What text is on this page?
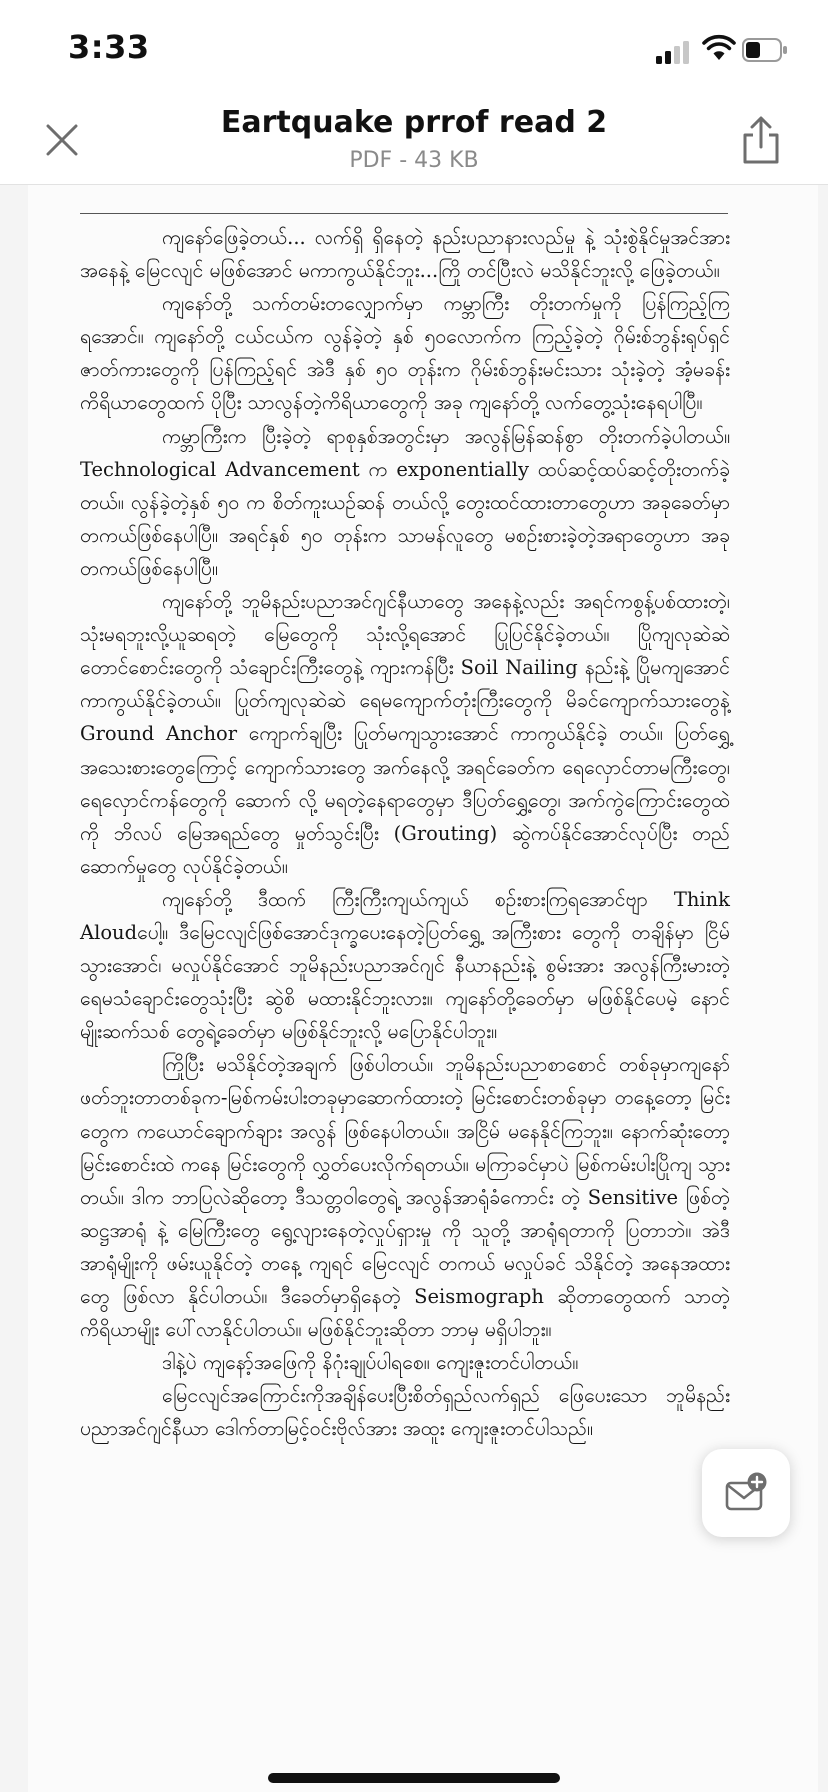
3:33
Eartquake prrof read 2
PDF - 43 KB

ကျနော်ဖြေခဲ့တယ်... လက်ရှိ ရှိနေတဲ့ နည်းပညာနားလည်မှု နဲ့ သုံးစွဲနိုင်မှုအင်အားအနေနဲ့ မြေငလျင် မဖြစ်အောင် မကာကွယ်နိုင်ဘူး...ကြို တင်ပြီးလဲ မသိနိုင်ဘူးလို့ ဖြေခဲ့တယ်။

ကျနော်တို့ သက်တမ်းတလျှောက်မှာ ကမ္ဘာကြီး တိုးတက်မှုကို ပြန်ကြည့်ကြရအောင်။ ကျနော်တို့ ငယ်ငယ်က လွန်ခဲ့တဲ့ နှစ် ၅၀လောက်က ကြည့်ခဲ့တဲ့ ဂိုမ်းစ်ဘွန်းရုပ်ရှင်ဇာတ်ကားတွေကို ပြန်ကြည့်ရင် အဲဒီ နှစ် ၅၀ တုန်းက ဂိုမ်းစ်ဘွန်းမင်းသား သုံးခဲ့တဲ့ အံ့မခန်း ကိရိယာတွေထက် ပိုပြီး သာလွန်တဲ့ကိရိယာတွေကို အခု ကျနော်တို့ လက်တွေ့သုံးနေရပါပြီ။

ကမ္ဘာကြီးက ပြီးခဲ့တဲ့ ရာစုနှစ်အတွင်းမှာ အလွန်မြန်ဆန်စွာ တိုးတက်ခဲ့ပါတယ်။ Technological Advancement က exponentially ထပ်ဆင့်ထပ်ဆင့်တိုးတက်ခဲ့တယ်။ လွန်ခဲ့တဲ့နှစ် ၅၀ က စိတ်ကူးယဉ်ဆန် တယ်လို့ တွေးထင်ထားတာတွေဟာ အခုခေတ်မှာ တကယ်ဖြစ်နေပါပြီ။ အရင်နှစ် ၅၀ တုန်းက သာမန်လူတွေ မစဉ်းစားခဲ့တဲ့အရာတွေဟာ အခု တကယ်ဖြစ်နေပါပြီ။

ကျနော်တို့ ဘူမိနည်းပညာအင်ဂျင်နီယာတွေ အနေနဲ့လည်း အရင်ကစွန့်ပစ်ထားတဲ့၊ သုံးမရဘူးလို့ယူဆရတဲ့ မြေတွေကို သုံးလို့ရအောင် ပြုပြင်နိုင်ခဲ့တယ်။ ပြိုကျလုဆဲဆဲ တောင်စောင်းတွေကို သံချောင်းကြီးတွေနဲ့ ကျားကန်ပြီး Soil Nailing နည်းနဲ့ ပြိုမကျအောင်ကာကွယ်နိုင်ခဲ့တယ်။ ပြုတ်ကျလုဆဲဆဲ ရေမကျောက်တုံးကြီးတွေကို မိခင်ကျောက်သားတွေနဲ့ Ground Anchor ကျောက်ချပြီး ပြုတ်မကျသွားအောင် ကာကွယ်နိုင်ခဲ့ တယ်။ ပြတ်ရွှေ့အသေးစားတွေကြောင့် ကျောက်သားတွေ အက်နေလို့ အရင်ခေတ်က ရေလှောင်တာမကြီးတွေ၊ ရေလှောင်ကန်တွေကို ဆောက် လို့ မရတဲ့နေရာတွေမှာ ဒီပြတ်ရွှေ့တွေ၊ အက်ကွဲကြောင်းတွေထဲကို ဘိလပ် မြေအရည်တွေ မှုတ်သွင်းပြီး (Grouting) ဆွဲကပ်နိုင်အောင်လုပ်ပြီး တည် ဆောက်မှုတွေ လုပ်နိုင်ခဲ့တယ်။

ကျနော်တို့ ဒီထက် ကြီးကြီးကျယ်ကျယ် စဉ်းစားကြရအောင်ဗျာ Think Aloudပေါ့။ ဒီမြေငလျင်ဖြစ်အောင်ဒုက္ခပေးနေတဲ့ပြတ်ရွှေ့ အကြီးစား တွေကို တချိန်မှာ ငြိမ်သွားအောင်၊ မလှုပ်နိုင်အောင် ဘူမိနည်းပညာအင်ဂျင် နီယာနည်းနဲ့ စွမ်းအား အလွန်ကြီးမားတဲ့ ရေမသံချောင်းတွေသုံးပြီး ဆွဲစိ မထားနိုင်ဘူးလား။ ကျနော်တို့ခေတ်မှာ မဖြစ်နိုင်ပေမဲ့ နောင် မျိုးဆက်သစ် တွေရဲ့ခေတ်မှာ မဖြစ်နိုင်ဘူးလို့ မပြောနိုင်ပါဘူး။

ကြိုပြီး မသိနိုင်တဲ့အချက် ဖြစ်ပါတယ်။ ဘူမိနည်းပညာစာစောင် တစ်ခုမှာကျနော်ဖတ်ဘူးတာတစ်ခုက-မြစ်ကမ်းပါးတခုမှာဆောက်ထားတဲ့ မြင်းစောင်းတစ်ခုမှာ တနေ့တော့ မြင်းတွေက ကယောင်ချောက်ချား အလွန် ဖြစ်နေပါတယ်။ အငြိမ် မနေနိုင်ကြဘူး။ နောက်ဆုံးတော့ မြင်းစောင်းထဲ ကနေ မြင်းတွေကို လွှတ်ပေးလိုက်ရတယ်။ မကြာခင်မှာပဲ မြစ်ကမ်းပါးပြိုကျ သွားတယ်။ ဒါက ဘာပြလဲဆိုတော့ ဒီသတ္တဝါတွေရဲ့ အလွန်အာရုံခံကောင်း တဲ့ Sensitive ဖြစ်တဲ့ ဆဋ္ဌအာရုံ နဲ့ မြေကြီးတွေ ရွေ့လျားနေတဲ့လှုပ်ရှားမှု ကို သူတို့ အာရုံရတာကို ပြတာဘဲ။ အဲဒီ အာရုံမျိုးကို ဖမ်းယူနိုင်တဲ့ တနေ့ ကျရင် မြေငလျင် တကယ် မလှုပ်ခင် သိနိုင်တဲ့ အနေအထားတွေ ဖြစ်လာ နိုင်ပါတယ်။ ဒီခေတ်မှာရှိနေတဲ့ Seismograph ဆိုတာတွေထက် သာတဲ့ ကိရိယာမျိုး ပေါ်လာနိုင်ပါတယ်။ မဖြစ်နိုင်ဘူးဆိုတာ ဘာမှ မရှိပါဘူး။

ဒါနဲ့ပဲ ကျနော့်အဖြေကို နိဂုံးချုပ်ပါရစေ။ ကျေးဇူးတင်ပါတယ်။

မြေငလျင်အကြောင်းကိုအချိန်ပေးပြီးစိတ်ရှည်လက်ရှည် ဖြေပေးသော ဘူမိနည်းပညာအင်ဂျင်နီယာ ဒေါက်တာမြင့်ဝင်းဗိုလ်အား အထူး ကျေးဇူးတင်ပါသည်။
